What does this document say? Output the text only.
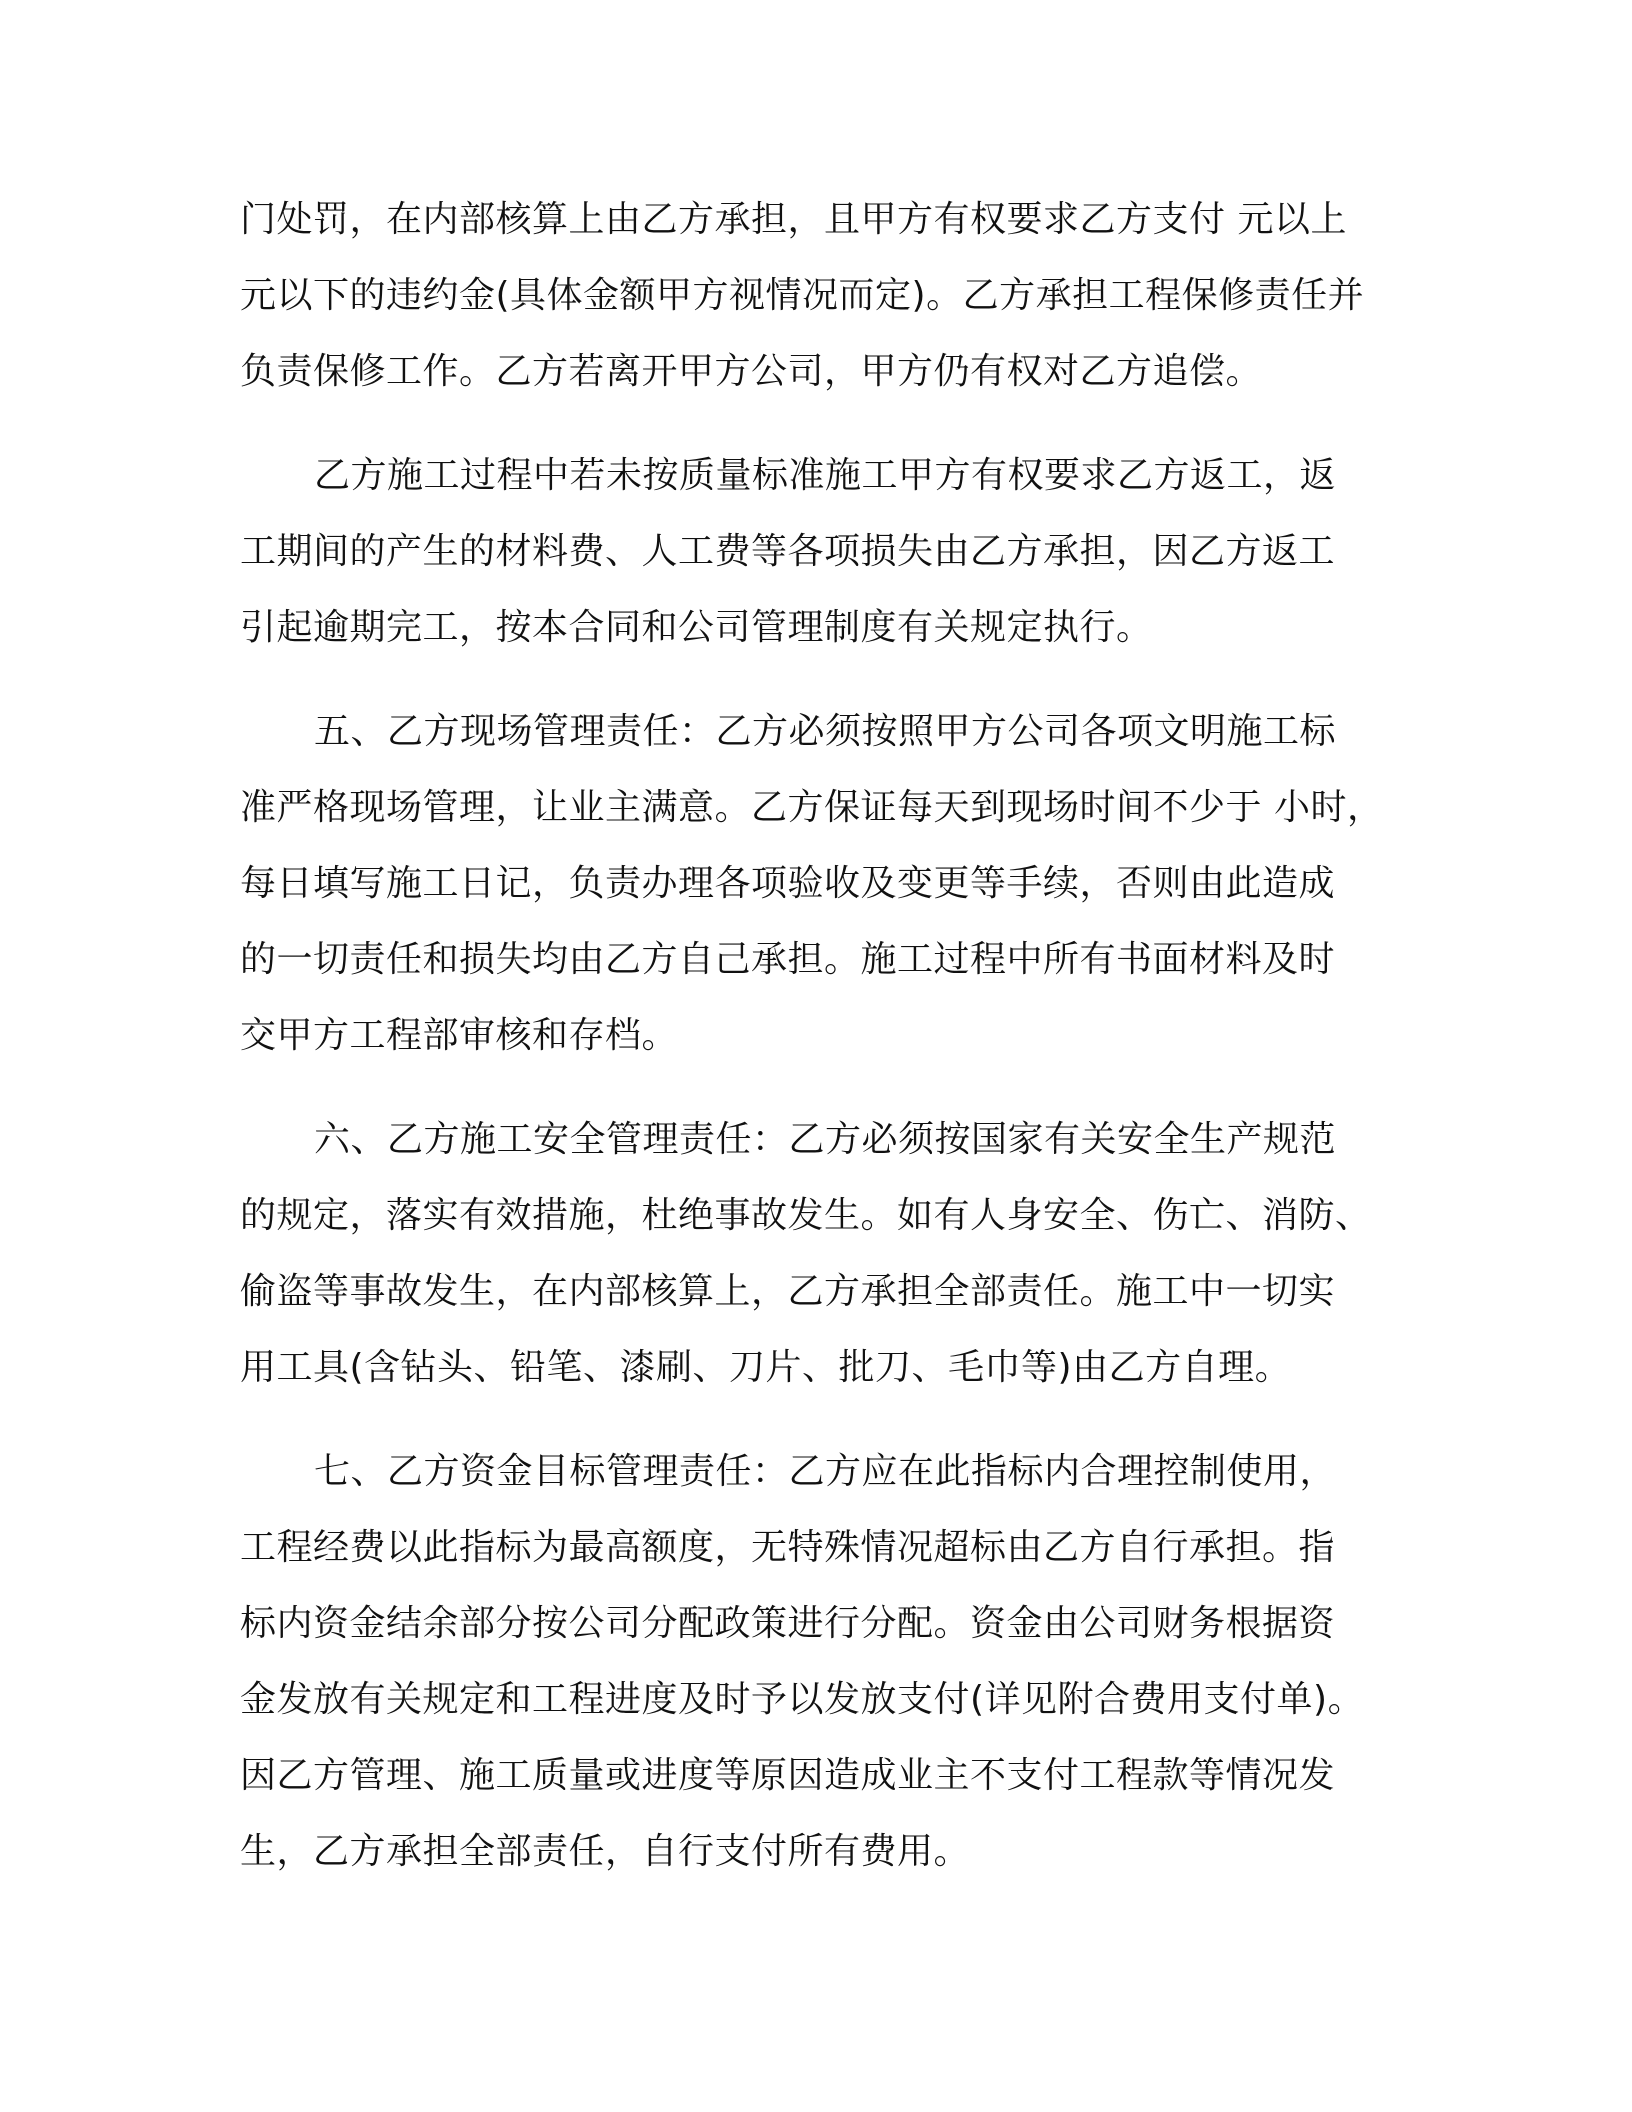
门处罚，在内部核算上由乙方承担，且甲方有权要求乙方支付 元以上
元以下的违约金(具体金额甲方视情况而定)。乙方承担工程保修责任并
负责保修工作。乙方若离开甲方公司，甲方仍有权对乙方追偿。

乙方施工过程中若未按质量标准施工甲方有权要求乙方返工，返
工期间的产生的材料费、人工费等各项损失由乙方承担，因乙方返工
引起逾期完工，按本合同和公司管理制度有关规定执行。

五、乙方现场管理责任：乙方必须按照甲方公司各项文明施工标
准严格现场管理，让业主满意。乙方保证每天到现场时间不少于 小时，
每日填写施工日记，负责办理各项验收及变更等手续，否则由此造成
的一切责任和损失均由乙方自己承担。施工过程中所有书面材料及时
交甲方工程部审核和存档。

六、乙方施工安全管理责任：乙方必须按国家有关安全生产规范
的规定，落实有效措施，杜绝事故发生。如有人身安全、伤亡、消防、
偷盗等事故发生，在内部核算上，乙方承担全部责任。施工中一切实
用工具(含钻头、铅笔、漆刷、刀片、批刀、毛巾等)由乙方自理。

七、乙方资金目标管理责任：乙方应在此指标内合理控制使用，
工程经费以此指标为最高额度，无特殊情况超标由乙方自行承担。指
标内资金结余部分按公司分配政策进行分配。资金由公司财务根据资
金发放有关规定和工程进度及时予以发放支付(详见附合费用支付单)。
因乙方管理、施工质量或进度等原因造成业主不支付工程款等情况发
生，乙方承担全部责任，自行支付所有费用。
